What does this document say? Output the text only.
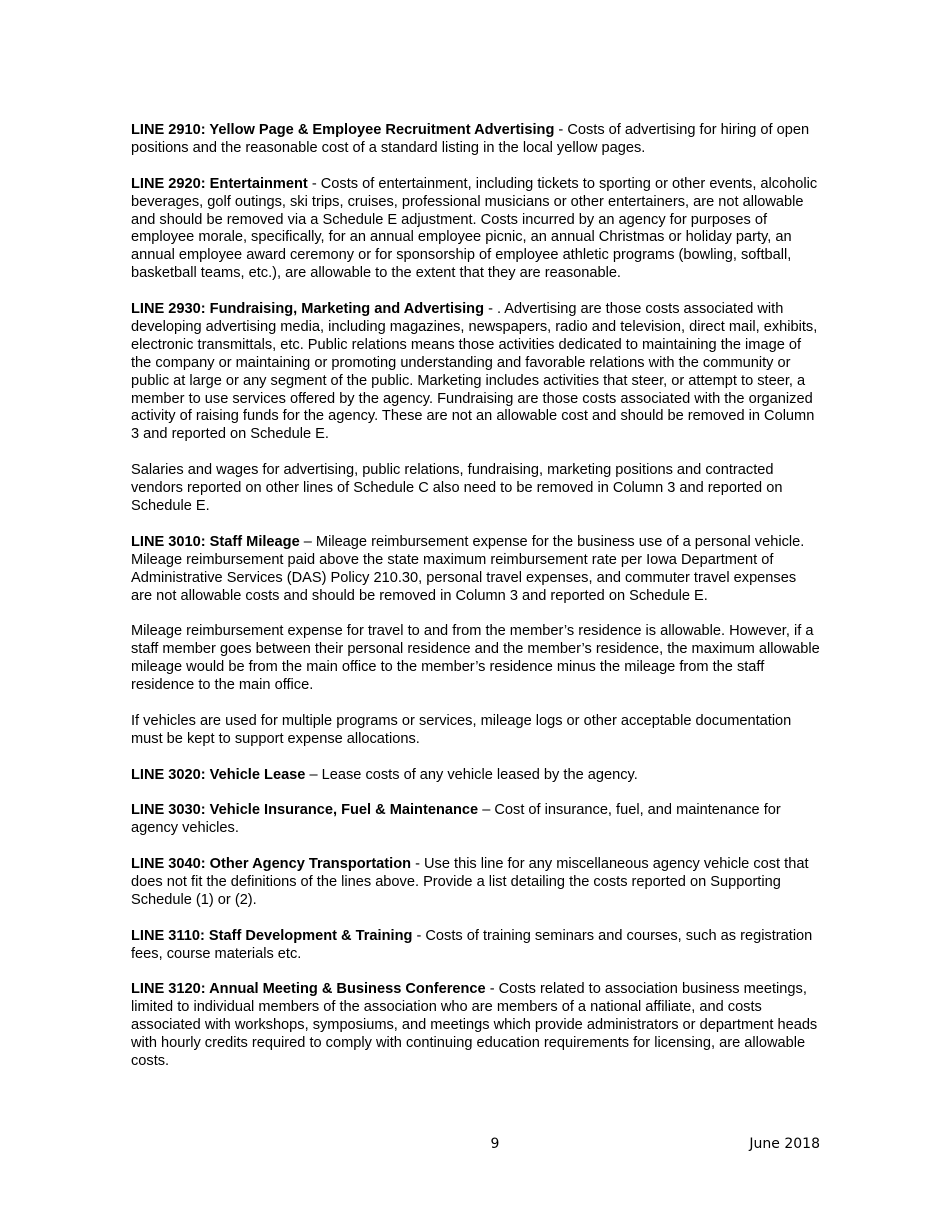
LINE 2910: Yellow Page & Employee Recruitment Advertising - Costs of advertising for hiring of open positions and the reasonable cost of a standard listing in the local yellow pages.

LINE 2920: Entertainment - Costs of entertainment, including tickets to sporting or other events, alcoholic beverages, golf outings, ski trips, cruises, professional musicians or other entertainers, are not allowable and should be removed via a Schedule E adjustment. Costs incurred by an agency for purposes of employee morale, specifically, for an annual employee picnic, an annual Christmas or holiday party, an annual employee award ceremony or for sponsorship of employee athletic programs (bowling, softball, basketball teams, etc.), are allowable to the extent that they are reasonable.

LINE 2930: Fundraising, Marketing and Advertising - . Advertising are those costs associated with developing advertising media, including magazines, newspapers, radio and television, direct mail, exhibits, electronic transmittals, etc. Public relations means those activities dedicated to maintaining the image of the company or maintaining or promoting understanding and favorable relations with the community or public at large or any segment of the public. Marketing includes activities that steer, or attempt to steer, a member to use services offered by the agency. Fundraising are those costs associated with the organized activity of raising funds for the agency. These are not an allowable cost and should be removed in Column 3 and reported on Schedule E.

Salaries and wages for advertising, public relations, fundraising, marketing positions and contracted vendors reported on other lines of Schedule C also need to be removed in Column 3 and reported on Schedule E.

LINE 3010: Staff Mileage – Mileage reimbursement expense for the business use of a personal vehicle. Mileage reimbursement paid above the state maximum reimbursement rate per Iowa Department of Administrative Services (DAS) Policy 210.30, personal travel expenses, and commuter travel expenses are not allowable costs and should be removed in Column 3 and reported on Schedule E.

Mileage reimbursement expense for travel to and from the member’s residence is allowable. However, if a staff member goes between their personal residence and the member’s residence, the maximum allowable mileage would be from the main office to the member’s residence minus the mileage from the staff residence to the main office.

If vehicles are used for multiple programs or services, mileage logs or other acceptable documentation must be kept to support expense allocations.

LINE 3020: Vehicle Lease – Lease costs of any vehicle leased by the agency.

LINE 3030: Vehicle Insurance, Fuel & Maintenance – Cost of insurance, fuel, and maintenance for agency vehicles.

LINE 3040: Other Agency Transportation - Use this line for any miscellaneous agency vehicle cost that does not fit the definitions of the lines above. Provide a list detailing the costs reported on Supporting Schedule (1) or (2).

LINE 3110: Staff Development & Training - Costs of training seminars and courses, such as registration fees, course materials etc.

LINE 3120: Annual Meeting & Business Conference - Costs related to association business meetings, limited to individual members of the association who are members of a national affiliate, and costs associated with workshops, symposiums, and meetings which provide administrators or department heads with hourly credits required to comply with continuing education requirements for licensing, are allowable costs.

9	June 2018
